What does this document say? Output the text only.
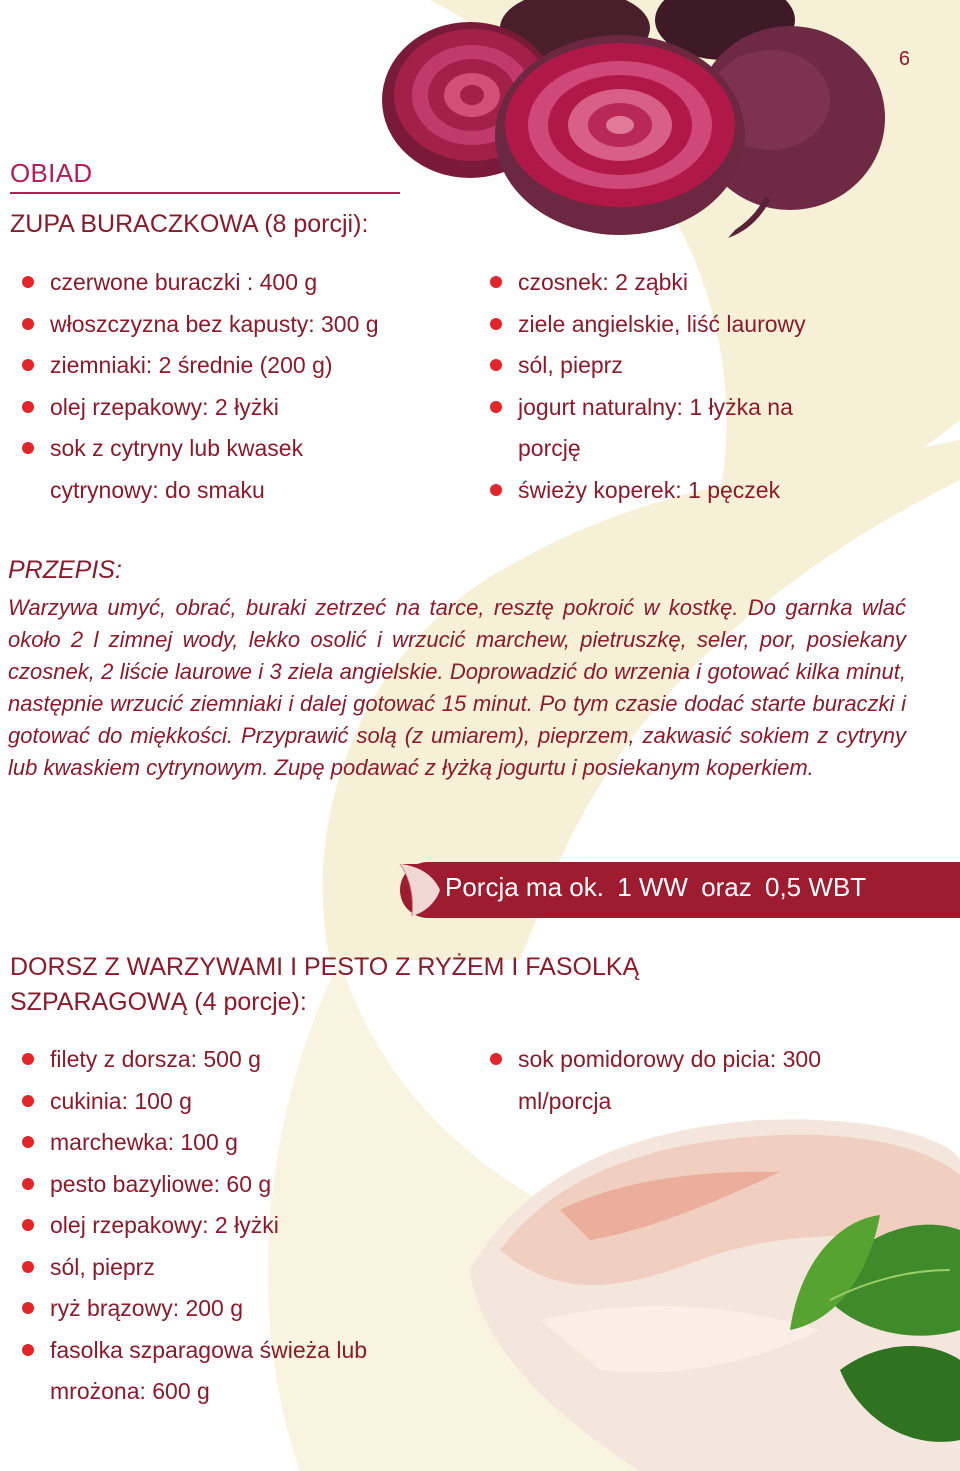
6
OBIAD
ZUPA BURACZKOWA (8 porcji):
czerwone buraczki : 400 g
włoszczyzna bez kapusty: 300 g
ziemniaki: 2 średnie (200 g)
olej rzepakowy: 2 łyżki
sok z cytryny lub kwasek cytrynowy: do smaku
czosnek: 2 ząbki
ziele angielskie, liść laurowy
sól, pieprz
jogurt naturalny: 1 łyżka na porcję
świeży koperek: 1 pęczek
PRZEPIS:
Warzywa umyć, obrać, buraki zetrzeć na tarce, resztę pokroić w kostkę. Do garnka wlać około 2 l zimnej wody, lekko osolić i wrzucić marchew, pietruszkę, seler, por, posiekany czosnek, 2 liście laurowe i 3 ziela angielskie. Doprowadzić do wrzenia i gotować kilka minut, następnie wrzucić ziemniaki i dalej gotować 15 minut. Po tym czasie dodać starte buraczki i gotować do miękkości. Przyprawić solą (z umiarem), pieprzem, zakwasić sokiem z cytryny lub kwaskiem cytrynowym. Zupę podawać z łyżką jogurtu i posiekanym koperkiem.
Porcja ma ok. 1 WW oraz 0,5 WBT
DORSZ Z WARZYWAMI I PESTO Z RYŻEM I FASOLKĄ SZPARAGOWĄ (4 porcje):
filety z dorsza: 500 g
cukinia: 100 g
marchewka: 100 g
pesto bazyliowe: 60 g
olej rzepakowy: 2 łyżki
sól, pieprz
ryż brązowy: 200 g
fasolka szparagowa świeża lub mrożona: 600 g
sok pomidorowy do picia: 300 ml/porcja
